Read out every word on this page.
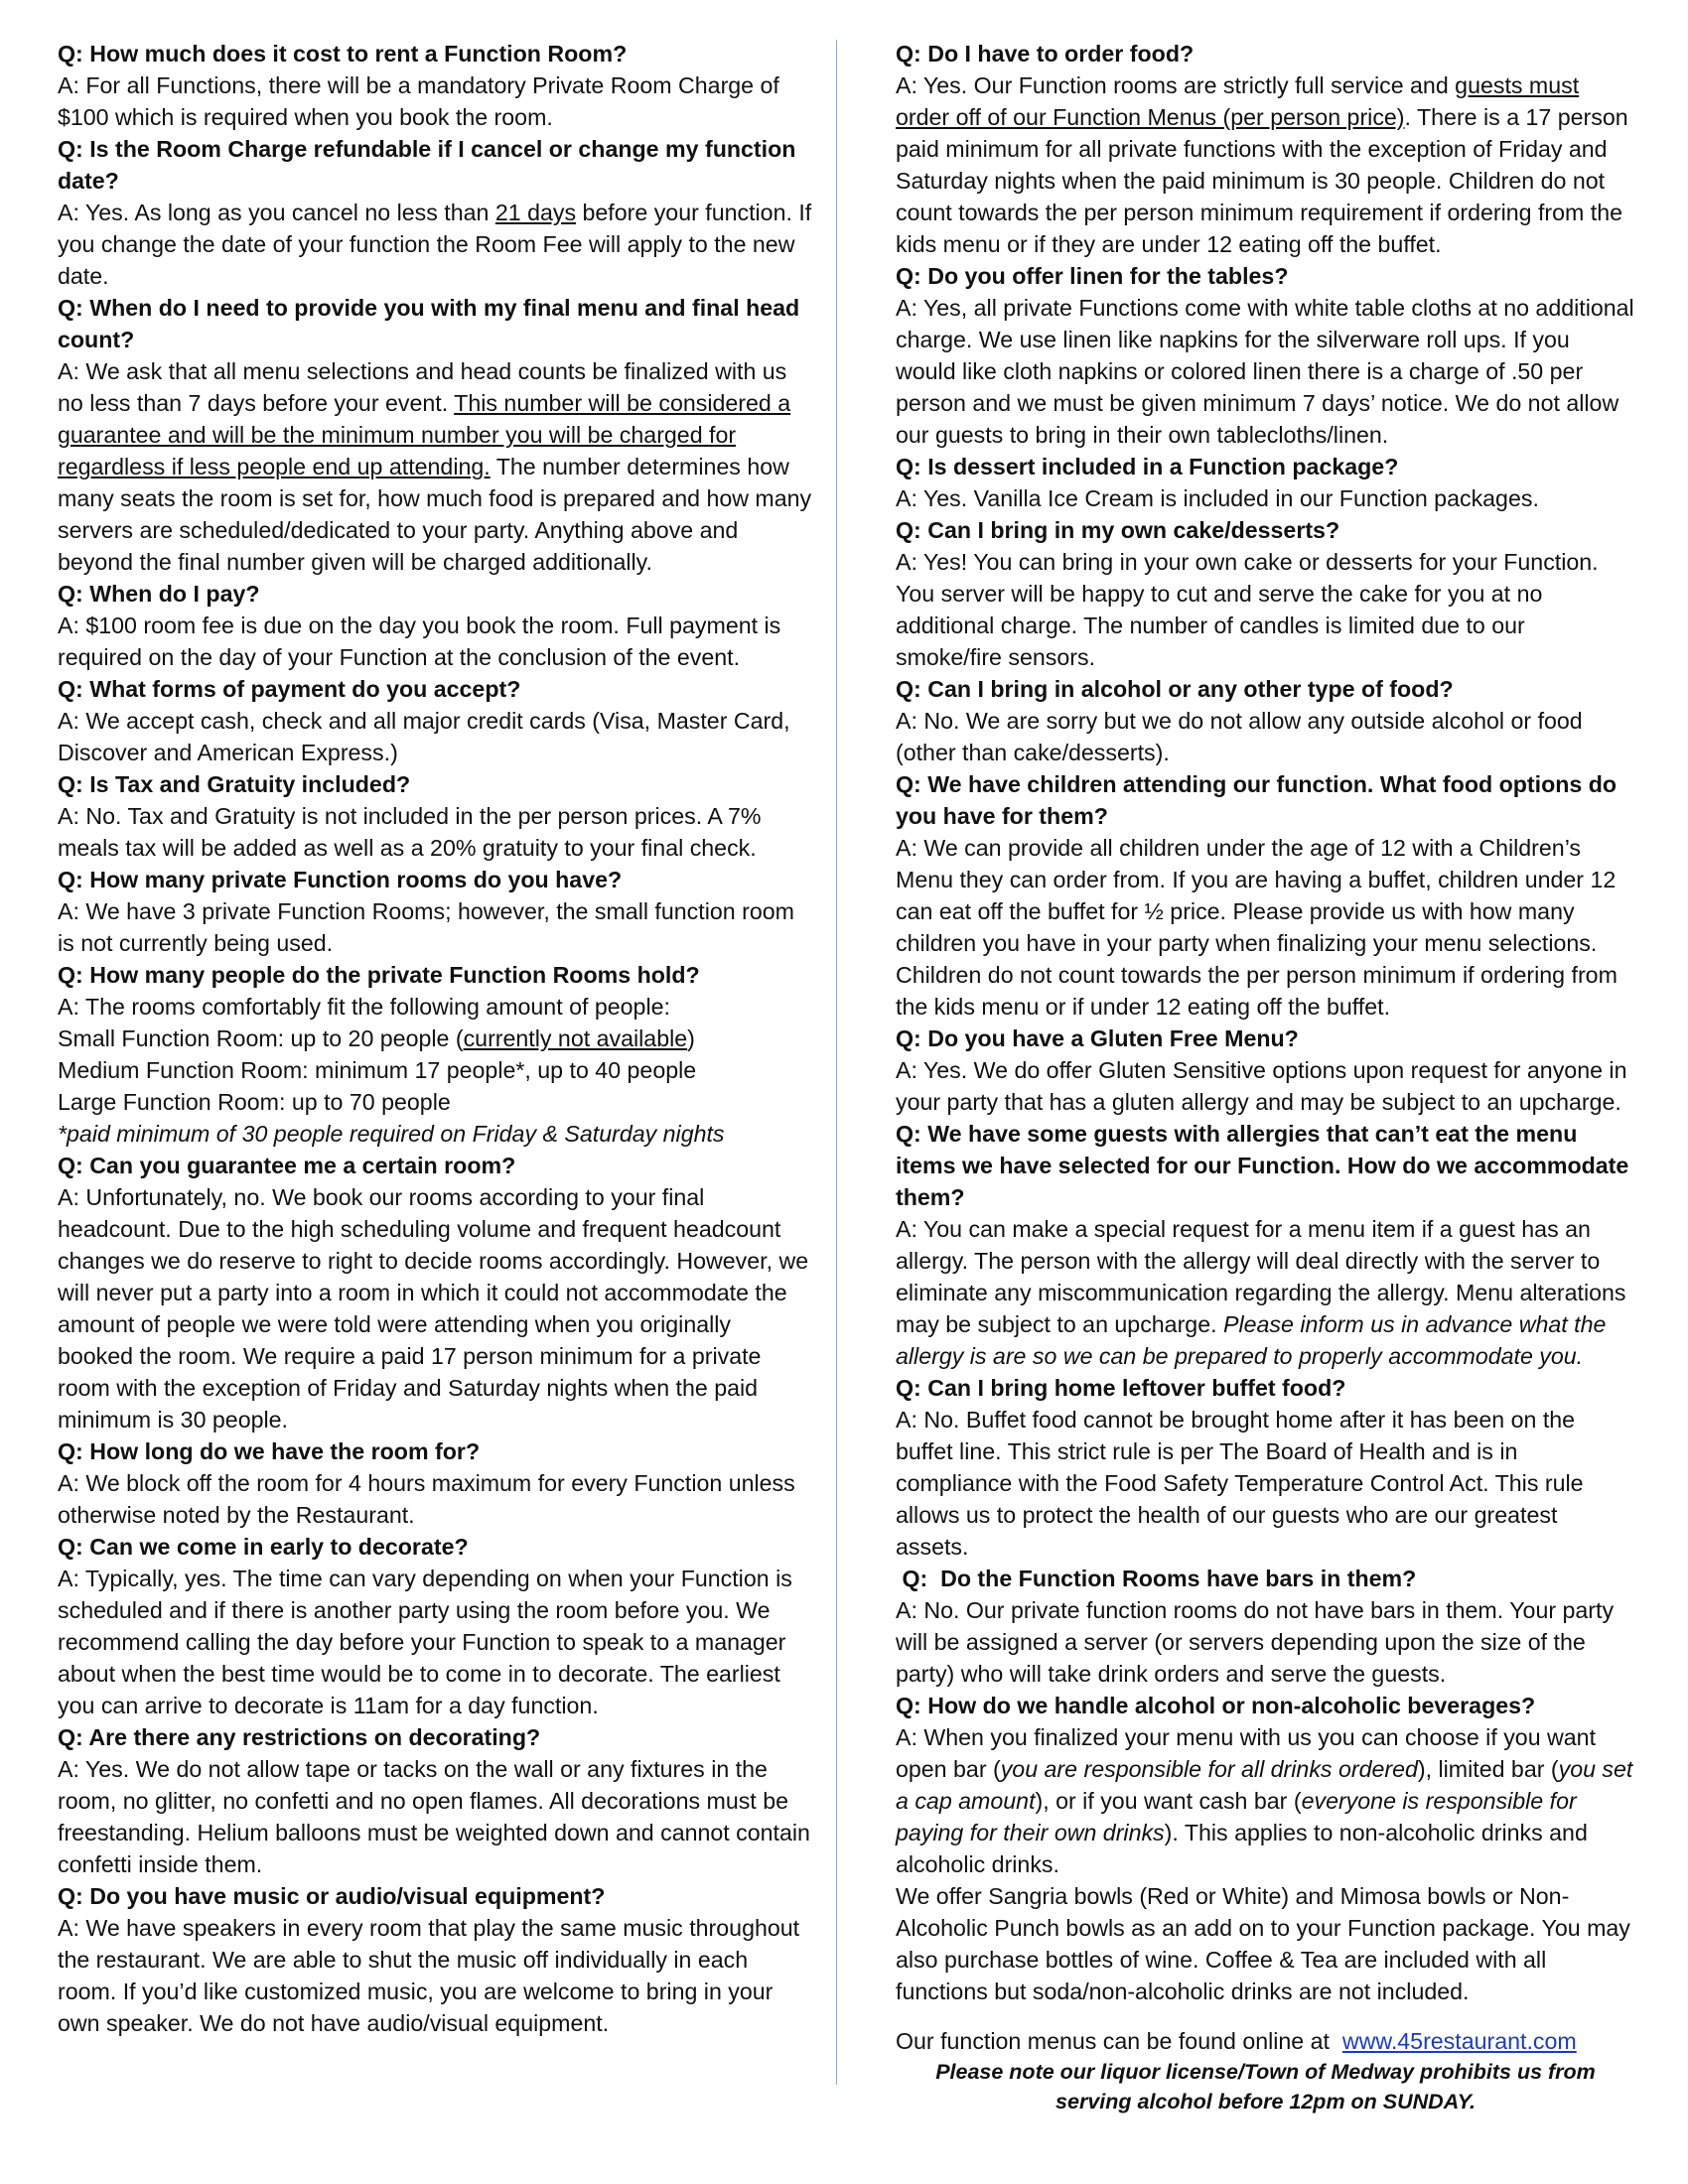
Q: How much does it cost to rent a Function Room?

A: For all Functions, there will be a mandatory Private Room Charge of $100 which is required when you book the room.

Q: Is the Room Charge refundable if I cancel or change my function date?

A: Yes. As long as you cancel no less than 21 days before your function. If you change the date of your function the Room Fee will apply to the new date.

Q: When do I need to provide you with my final menu and final head count?

A: We ask that all menu selections and head counts be finalized with us no less than 7 days before your event. This number will be considered a guarantee and will be the minimum number you will be charged for regardless if less people end up attending. The number determines how many seats the room is set for, how much food is prepared and how many servers are scheduled/dedicated to your party. Anything above and beyond the final number given will be charged additionally.

Q: When do I pay?

A: $100 room fee is due on the day you book the room. Full payment is required on the day of your Function at the conclusion of the event.

Q: What forms of payment do you accept?

A: We accept cash, check and all major credit cards (Visa, Master Card, Discover and American Express.)

Q: Is Tax and Gratuity included?

A: No. Tax and Gratuity is not included in the per person prices. A 7% meals tax will be added as well as a 20% gratuity to your final check.

Q: How many private Function rooms do you have?

A: We have 3 private Function Rooms; however, the small function room is not currently being used.

Q: How many people do the private Function Rooms hold?

A: The rooms comfortably fit the following amount of people:

Small Function Room: up to 20 people (currently not available)

Medium Function Room: minimum 17 people*, up to 40 people

Large Function Room: up to 70 people

*paid minimum of 30 people required on Friday & Saturday nights

Q: Can you guarantee me a certain room?

A: Unfortunately, no. We book our rooms according to your final headcount. Due to the high scheduling volume and frequent headcount changes we do reserve to right to decide rooms accordingly. However, we will never put a party into a room in which it could not accommodate the amount of people we were told were attending when you originally booked the room. We require a paid 17 person minimum for a private room with the exception of Friday and Saturday nights when the paid minimum is 30 people.

Q: How long do we have the room for?

A: We block off the room for 4 hours maximum for every Function unless otherwise noted by the Restaurant.

Q: Can we come in early to decorate?

A: Typically, yes. The time can vary depending on when your Function is scheduled and if there is another party using the room before you. We recommend calling the day before your Function to speak to a manager about when the best time would be to come in to decorate. The earliest you can arrive to decorate is 11am for a day function.

Q: Are there any restrictions on decorating?

A: Yes. We do not allow tape or tacks on the wall or any fixtures in the room, no glitter, no confetti and no open flames. All decorations must be freestanding. Helium balloons must be weighted down and cannot contain confetti inside them.

Q: Do you have music or audio/visual equipment?

A: We have speakers in every room that play the same music throughout the restaurant. We are able to shut the music off individually in each room. If you’d like customized music, you are welcome to bring in your own speaker. We do not have audio/visual equipment.

Q: Do I have to order food?

A: Yes. Our Function rooms are strictly full service and guests must order off of our Function Menus (per person price). There is a 17 person paid minimum for all private functions with the exception of Friday and Saturday nights when the paid minimum is 30 people. Children do not count towards the per person minimum requirement if ordering from the kids menu or if they are under 12 eating off the buffet.

Q: Do you offer linen for the tables?

A: Yes, all private Functions come with white table cloths at no additional charge. We use linen like napkins for the silverware roll ups. If you would like cloth napkins or colored linen there is a charge of .50 per person and we must be given minimum 7 days’ notice. We do not allow our guests to bring in their own tablecloths/linen.

Q: Is dessert included in a Function package?

A: Yes. Vanilla Ice Cream is included in our Function packages.

Q: Can I bring in my own cake/desserts?

A: Yes! You can bring in your own cake or desserts for your Function. You server will be happy to cut and serve the cake for you at no additional charge. The number of candles is limited due to our smoke/fire sensors.

Q: Can I bring in alcohol or any other type of food?

A: No. We are sorry but we do not allow any outside alcohol or food (other than cake/desserts).

Q: We have children attending our function. What food options do you have for them?

A: We can provide all children under the age of 12 with a Children’s Menu they can order from. If you are having a buffet, children under 12 can eat off the buffet for ½ price. Please provide us with how many children you have in your party when finalizing your menu selections. Children do not count towards the per person minimum if ordering from the kids menu or if under 12 eating off the buffet.

Q: Do you have a Gluten Free Menu?

A: Yes. We do offer Gluten Sensitive options upon request for anyone in your party that has a gluten allergy and may be subject to an upcharge.

Q: We have some guests with allergies that can’t eat the menu items we have selected for our Function. How do we accommodate them?

A: You can make a special request for a menu item if a guest has an allergy. The person with the allergy will deal directly with the server to eliminate any miscommunication regarding the allergy. Menu alterations may be subject to an upcharge. Please inform us in advance what the allergy is are so we can be prepared to properly accommodate you.

Q: Can I bring home leftover buffet food?

A: No. Buffet food cannot be brought home after it has been on the buffet line. This strict rule is per The Board of Health and is in compliance with the Food Safety Temperature Control Act. This rule allows us to protect the health of our guests who are our greatest assets.

Q:  Do the Function Rooms have bars in them?

A: No. Our private function rooms do not have bars in them. Your party will be assigned a server (or servers depending upon the size of the party) who will take drink orders and serve the guests.

Q: How do we handle alcohol or non-alcoholic beverages?

A: When you finalized your menu with us you can choose if you want open bar (you are responsible for all drinks ordered), limited bar (you set a cap amount), or if you want cash bar (everyone is responsible for paying for their own drinks). This applies to non-alcoholic drinks and alcoholic drinks.

We offer Sangria bowls (Red or White) and Mimosa bowls or Non-Alcoholic Punch bowls as an add on to your Function package. You may also purchase bottles of wine. Coffee & Tea are included with all functions but soda/non-alcoholic drinks are not included.

Our function menus can be found online at  www.45restaurant.com

Please note our liquor license/Town of Medway prohibits us from serving alcohol before 12pm on SUNDAY.
